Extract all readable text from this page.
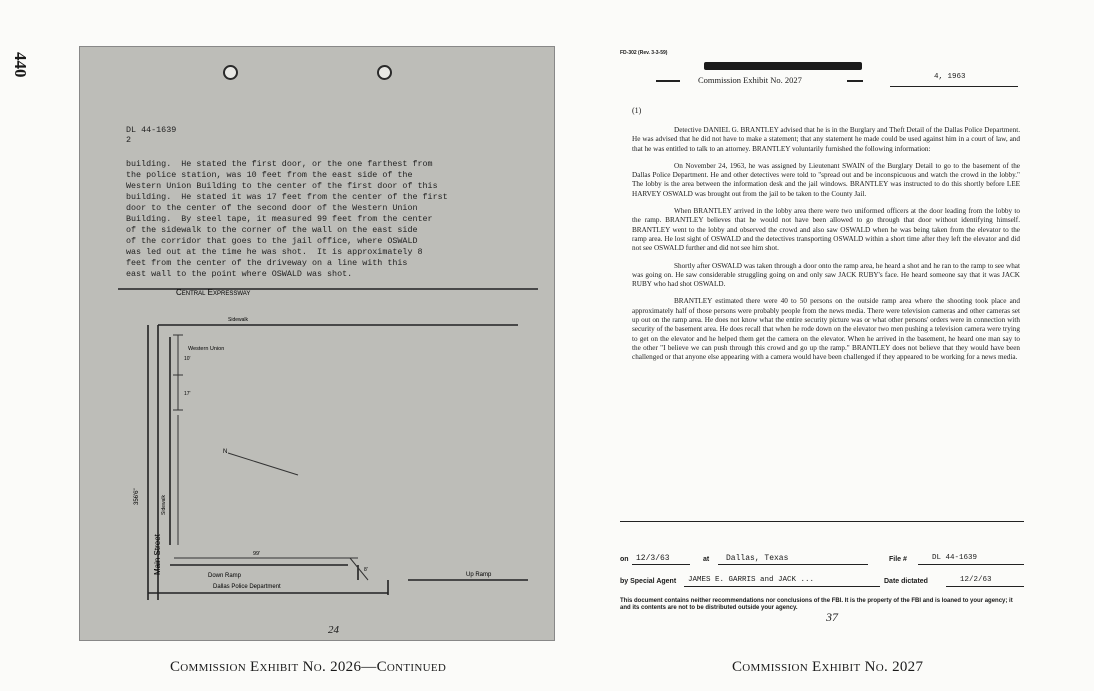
440
DL 44-1639
2
building.  He stated the first door, or the one farthest from
the police station, was 10 feet from the east side of the
Western Union Building to the center of the first door of this
building.  He stated it was 17 feet from the center of the first
door to the center of the second door of the Western Union
Building.  By steel tape, it measured 99 feet from the center
of the sidewalk to the corner of the wall on the east side
of the corridor that goes to the jail office, where OSWALD
was led out at the time he was shot.  It is approximately 8
feet from the center of the driveway on a line with this
east wall to the point where OSWALD was shot.
Central Expressway
Sidewalk
Western Union
10'
17'
356'6"	Sidewalk
Main Street	99'
8'
Down Ramp	Up Ramp
Dallas Police Department
N
24
Commission Exhibit No. 2026—Continued
FD-302 (Rev. 3-3-59)
Commission Exhibit No. 2027	4, 1963
(1)

Detective DANIEL G. BRANTLEY advised that he is in the Burglary and Theft Detail of the Dallas Police Department. He was advised that he did not have to make a statement; that any statement he made could be used against him in a court of law, and that he was entitled to talk to an attorney. BRANTLEY voluntarily furnished the following information:

On November 24, 1963, he was assigned by Lieutenant SWAIN of the Burglary Detail to go to the basement of the Dallas Police Department. He and other detectives were told to "spread out and be inconspicuous and watch the crowd in the lobby." The lobby is the area between the information desk and the jail windows. BRANTLEY was instructed to do this shortly before LEE HARVEY OSWALD was brought out from the jail to be taken to the County Jail.

When BRANTLEY arrived in the lobby area there were two uniformed officers at the door leading from the lobby to the ramp. BRANTLEY believes that he would not have been allowed to go through that door without identifying himself. BRANTLEY went to the lobby and observed the crowd and also saw OSWALD when he was being taken from the elevator to the ramp area. He lost sight of OSWALD and the detectives transporting OSWALD within a short time after they left the elevator and did not see OSWALD further and did not see him shot.

Shortly after OSWALD was taken through a door onto the ramp area, he heard a shot and he ran to the ramp to see what was going on. He saw considerable struggling going on and only saw JACK RUBY's face. He heard someone say that it was JACK RUBY who had shot OSWALD.

BRANTLEY estimated there were 40 to 50 persons on the outside ramp area where the shooting took place and approximately half of those persons were probably people from the news media. There were television cameras and other cameras set up out on the ramp area. He does not know what the entire security picture was or what other persons' orders were in connection with security of the basement area. He does recall that when he rode down on the elevator two men pushing a television camera were trying to get on the elevator and he helped them get the camera on the elevator. When he arrived in the basement, he heard one man say to the other "I believe we can push through this crowd and go up the ramp." BRANTLEY does not believe that they would have been challenged or that anyone else appearing with a camera would have been challenged if they appeared to be working for a news media.

on 12/3/63	at Dallas, Texas	File #	DL 44-1639
by Special Agent JAMES E. GARRIS and JACK ...	Date dictated	12/2/63
This document contains neither recommendations nor conclusions of the FBI. It is the property of the FBI and is loaned to your agency; it and its contents are not to be distributed outside your agency.
37
Commission Exhibit No. 2027
